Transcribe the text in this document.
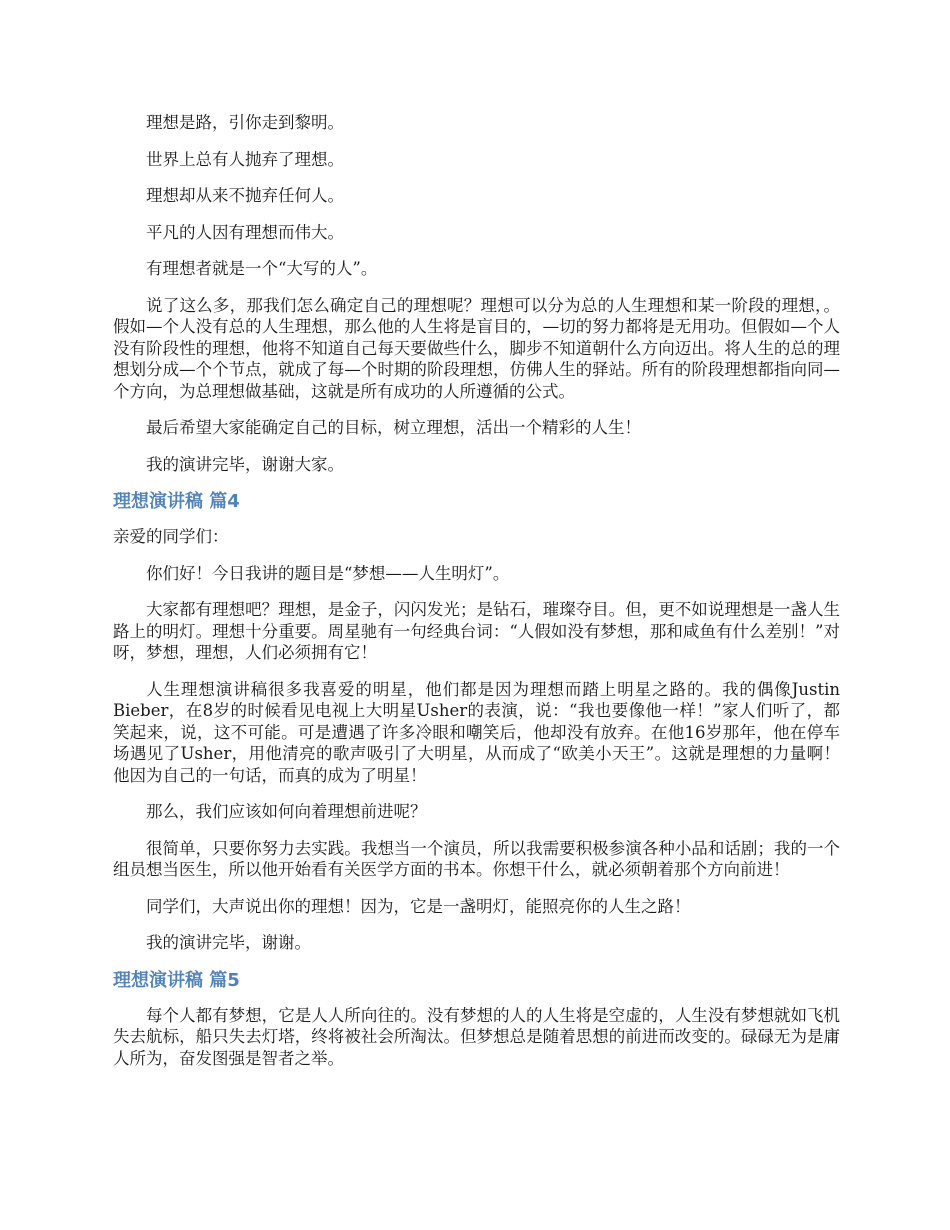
理想是路，引你走到黎明。

世界上总有人抛弃了理想。

理想却从来不抛弃任何人。

平凡的人因有理想而伟大。

有理想者就是一个“大写的人”。

说了这么多，那我们怎么确定自己的理想呢？理想可以分为总的人生理想和某一阶段的理想，。假如—个人没有总的人生理想，那么他的人生将是盲目的，—切的努力都将是无用功。但假如—个人没有阶段性的理想，他将不知道自己每天要做些什么，脚步不知道朝什么方向迈出。将人生的总的理想划分成—个个节点，就成了每—个时期的阶段理想，仿佛人生的驿站。所有的阶段理想都指向同—个方向，为总理想做基础，这就是所有成功的人所遵循的公式。

最后希望大家能确定自己的目标，树立理想，活出一个精彩的人生！

我的演讲完毕，谢谢大家。

理想演讲稿 篇4

亲爱的同学们：

你们好！今日我讲的题目是“梦想——人生明灯”。

大家都有理想吧？理想，是金子，闪闪发光；是钻石，璀璨夺目。但，更不如说理想是一盏人生路上的明灯。理想十分重要。周星驰有一句经典台词：“人假如没有梦想，那和咸鱼有什么差别！”对呀，梦想，理想，人们必须拥有它！

人生理想演讲稿很多我喜爱的明星，他们都是因为理想而踏上明星之路的。我的偶像Justin Bieber，在8岁的时候看见电视上大明星Usher的表演，说：“我也要像他一样！”家人们听了，都笑起来，说，这不可能。可是遭遇了许多冷眼和嘲笑后，他却没有放弃。在他16岁那年，他在停车场遇见了Usher，用他清亮的歌声吸引了大明星，从而成了“欧美小天王”。这就是理想的力量啊！他因为自己的一句话，而真的成为了明星！

那么，我们应该如何向着理想前进呢？

很简单，只要你努力去实践。我想当一个演员，所以我需要积极参演各种小品和话剧；我的一个组员想当医生，所以他开始看有关医学方面的书本。你想干什么，就必须朝着那个方向前进！

同学们，大声说出你的理想！因为，它是一盏明灯，能照亮你的人生之路！

我的演讲完毕，谢谢。

理想演讲稿 篇5

每个人都有梦想，它是人人所向往的。没有梦想的人的人生将是空虚的，人生没有梦想就如飞机失去航标，船只失去灯塔，终将被社会所淘汰。但梦想总是随着思想的前进而改变的。碌碌无为是庸人所为，奋发图强是智者之举。
